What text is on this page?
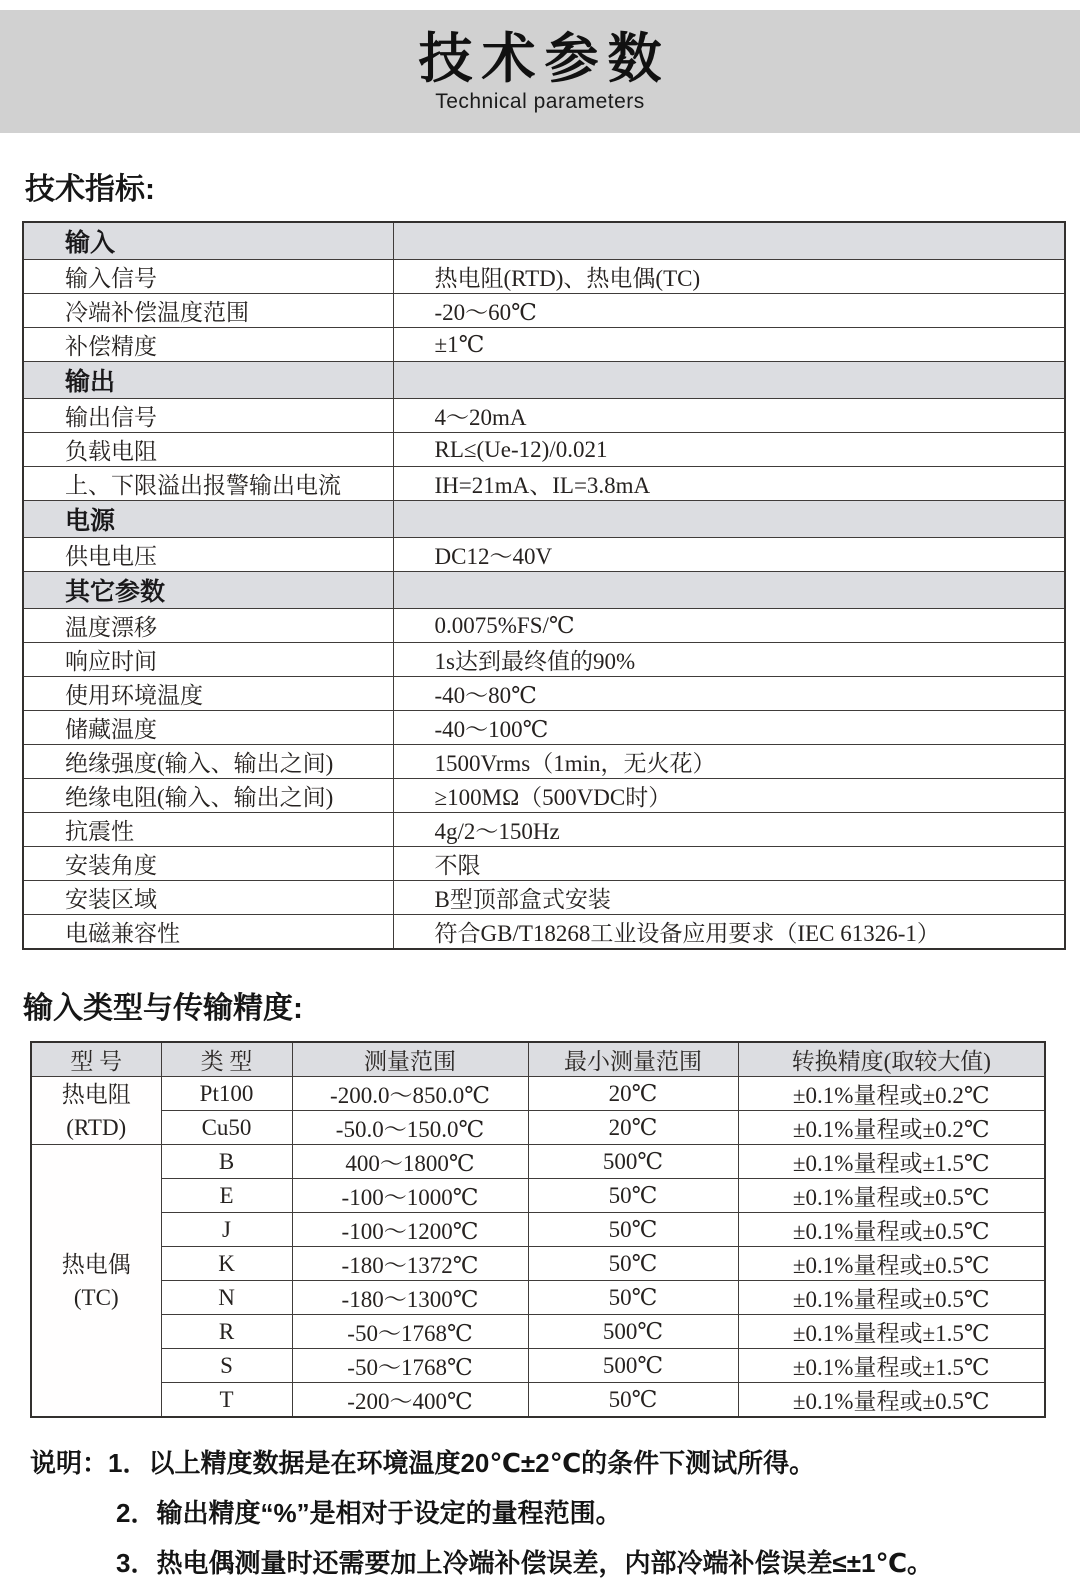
技术参数
Technical parameters
技术指标:
输入	
输入信号	热电阻(RTD)、热电偶(TC)
冷端补偿温度范围	-20～60℃
补偿精度	±1℃
输出	
输出信号	4～20mA
负载电阻	RL≤(Ue-12)/0.021
上、下限溢出报警输出电流	IH=21mA、IL=3.8mA
电源	
供电电压	DC12～40V
其它参数	
温度漂移	0.0075%FS/℃
响应时间	1s达到最终值的90%
使用环境温度	-40～80℃
储藏温度	-40～100℃
绝缘强度(输入、输出之间)	1500Vrms（1min，无火花）
绝缘电阻(输入、输出之间)	≥100MΩ（500VDC时）
抗震性	4g/2～150Hz
安装角度	不限
安装区域	B型顶部盒式安装
电磁兼容性	符合GB/T18268工业设备应用要求（IEC 61326-1）
输入类型与传输精度:
型 号	类 型	测量范围	最小测量范围	转换精度(取较大值)

热电阻
(RTD)	Pt100	-200.0～850.0℃	20℃	±0.1%量程或±0.2℃
	Cu50	-50.0～150.0℃	20℃	±0.1%量程或±0.2℃

热电偶
(TC)	B	400～1800℃	500℃	±0.1%量程或±1.5℃
	E	-100～1000℃	50℃	±0.1%量程或±0.5℃
	J	-100～1200℃	50℃	±0.1%量程或±0.5℃
	K	-180～1372℃	50℃	±0.1%量程或±0.5℃
	N	-180～1300℃	50℃	±0.1%量程或±0.5℃
	R	-50～1768℃	500℃	±0.1%量程或±1.5℃
	S	-50～1768℃	500℃	±0.1%量程或±1.5℃
	T	-200～400℃	50℃	±0.1%量程或±0.5℃
说明：1．以上精度数据是在环境温度20℃±2℃的条件下测试所得。
2．输出精度“%”是相对于设定的量程范围。
3．热电偶测量时还需要加上冷端补偿误差，内部冷端补偿误差≤±1℃。
